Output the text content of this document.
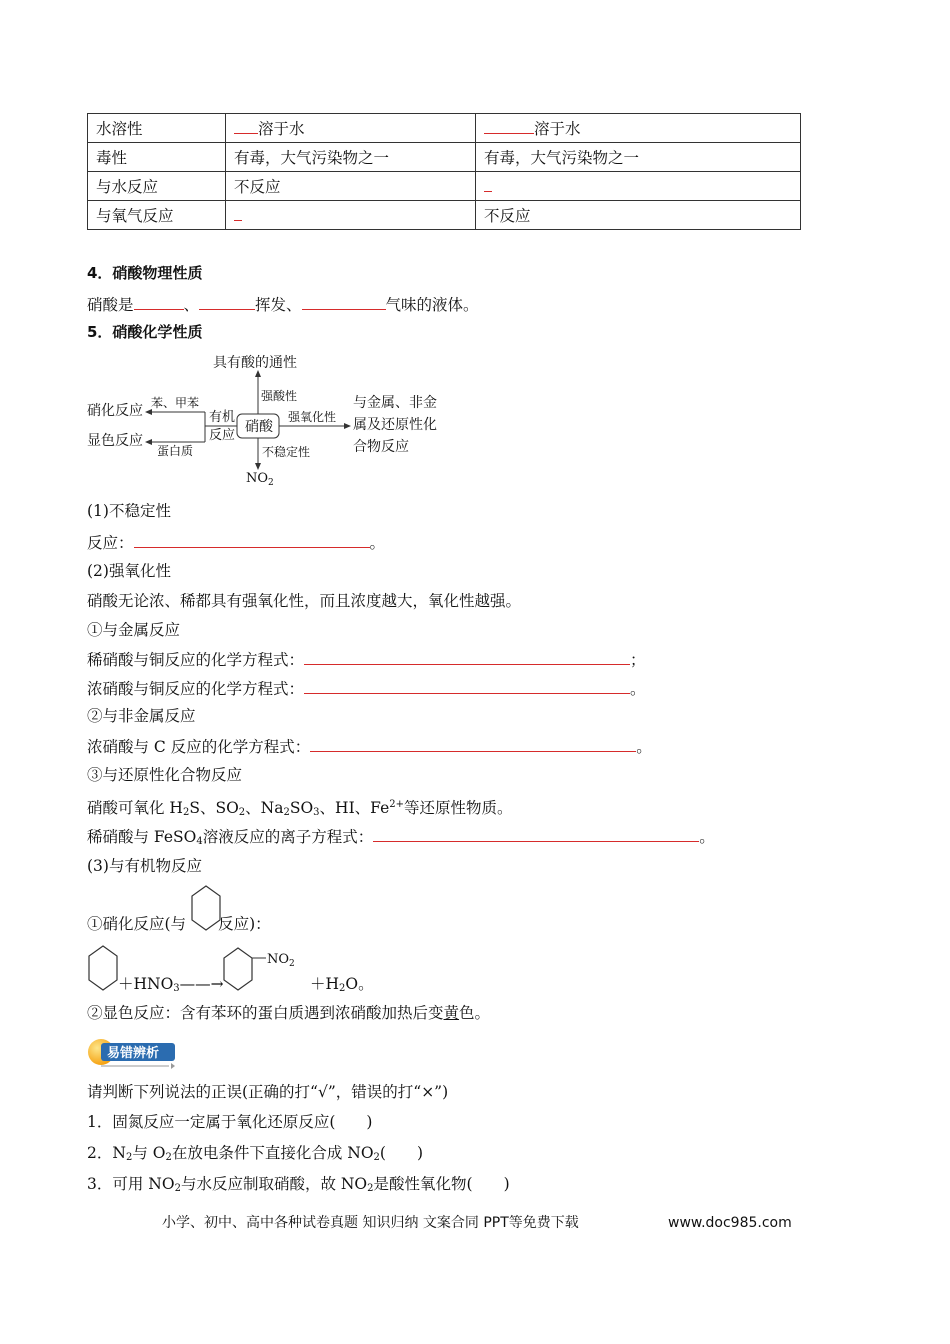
水溶性	溶于水	溶于水
毒性	有毒，大气污染物之一	有毒，大气污染物之一
与水反应	不反应	
与氧气反应		不反应
4．硝酸物理性质
硝酸是	、	挥发、	气味的液体。
5．硝酸化学性质
硝酸
具有酸的通性
强酸性
强氧化性
与金属、非金
属及还原性化
合物反应
有机
反应
苯、甲苯
硝化反应
显色反应
蛋白质	不稳定性
$NO_2$
(1)不稳定性
反应：	。
(2)强氧化性
硝酸无论浓、稀都具有强氧化性，而且浓度越大，氧化性越强。
①与金属反应
稀硝酸与铜反应的化学方程式：	；
浓硝酸与铜反应的化学方程式：	。
②与非金属反应
浓硝酸与 C 反应的化学方程式：	。
③与还原性化合物反应
硝酸可氧化 $H_2S$、$SO_2$、$Na_2SO_3$、HI、$Fe^{2+}$等还原性物质。
稀硝酸与 FeSO$_4$溶液反应的离子方程式：	。
(3)与有机物反应
①硝化反应(与 反应)：
$+HNO_3——\to$
$NO_2$
$+H_2O$。
②显色反应：含有苯环的蛋白质遇到浓硝酸加热后变黄色。
易错辨析
请判断下列说法的正误(正确的打“√”，错误的打“×”)
1．固氮反应一定属于氧化还原反应(　　)
2．$N_2$与 $O_2$在放电条件下直接化合成 $NO_2$(　　)
3．可用 $NO_2$与水反应制取硝酸，故 $NO_2$是酸性氧化物(　　)
小学、初中、高中各种试卷真题 知识归纳 文案合同 PPT等免费下载	www.doc985.com
